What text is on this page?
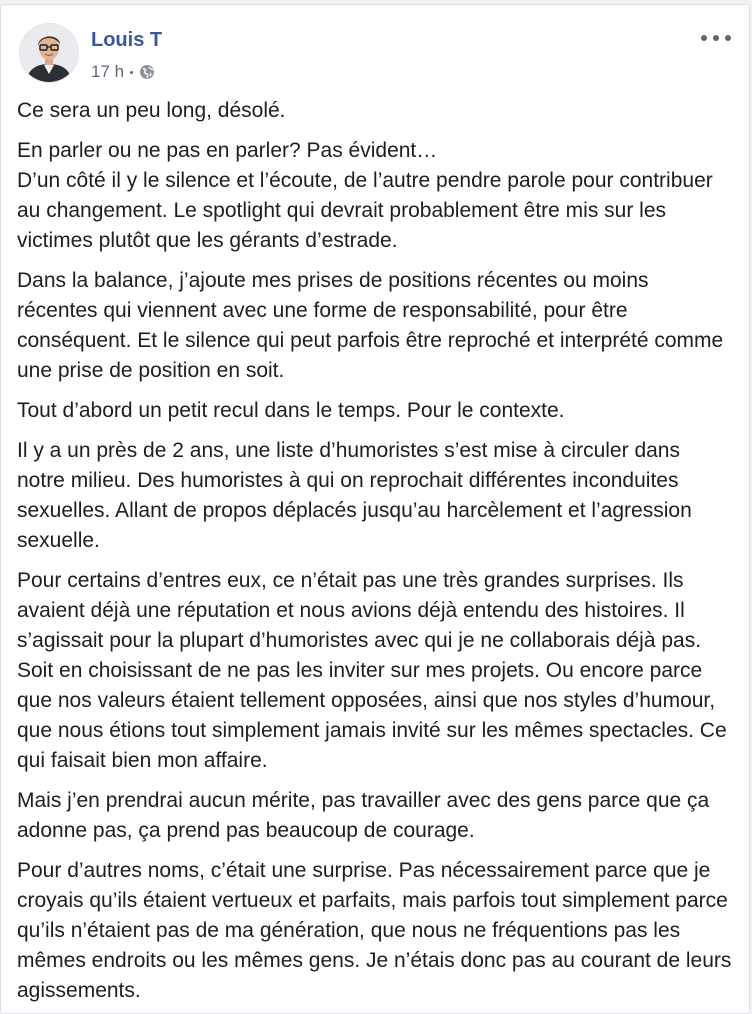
Louis T
17 h

Ce sera un peu long, désolé.

En parler ou ne pas en parler? Pas évident…
D’un côté il y le silence et l’écoute, de l’autre pendre parole pour contribuer au changement. Le spotlight qui devrait probablement être mis sur les victimes plutôt que les gérants d’estrade.

Dans la balance, j’ajoute mes prises de positions récentes ou moins récentes qui viennent avec une forme de responsabilité, pour être conséquent. Et le silence qui peut parfois être reproché et interprété comme une prise de position en soit.

Tout d’abord un petit recul dans le temps. Pour le contexte.

Il y a un près de 2 ans, une liste d’humoristes s’est mise à circuler dans notre milieu. Des humoristes à qui on reprochait différentes inconduites sexuelles. Allant de propos déplacés jusqu’au harcèlement et l’agression sexuelle.

Pour certains d’entres eux, ce n’était pas une très grandes surprises. Ils avaient déjà une réputation et nous avions déjà entendu des histoires. Il s’agissait pour la plupart d’humoristes avec qui je ne collaborais déjà pas. Soit en choisissant de ne pas les inviter sur mes projets. Ou encore parce que nos valeurs étaient tellement opposées, ainsi que nos styles d’humour, que nous étions tout simplement jamais invité sur les mêmes spectacles. Ce qui faisait bien mon affaire.

Mais j’en prendrai aucun mérite, pas travailler avec des gens parce que ça adonne pas, ça prend pas beaucoup de courage.

Pour d’autres noms, c’était une surprise. Pas nécessairement parce que je croyais qu’ils étaient vertueux et parfaits, mais parfois tout simplement parce qu’ils n’étaient pas de ma génération, que nous ne fréquentions pas les mêmes endroits ou les mêmes gens. Je n’étais donc pas au courant de leurs agissements.
